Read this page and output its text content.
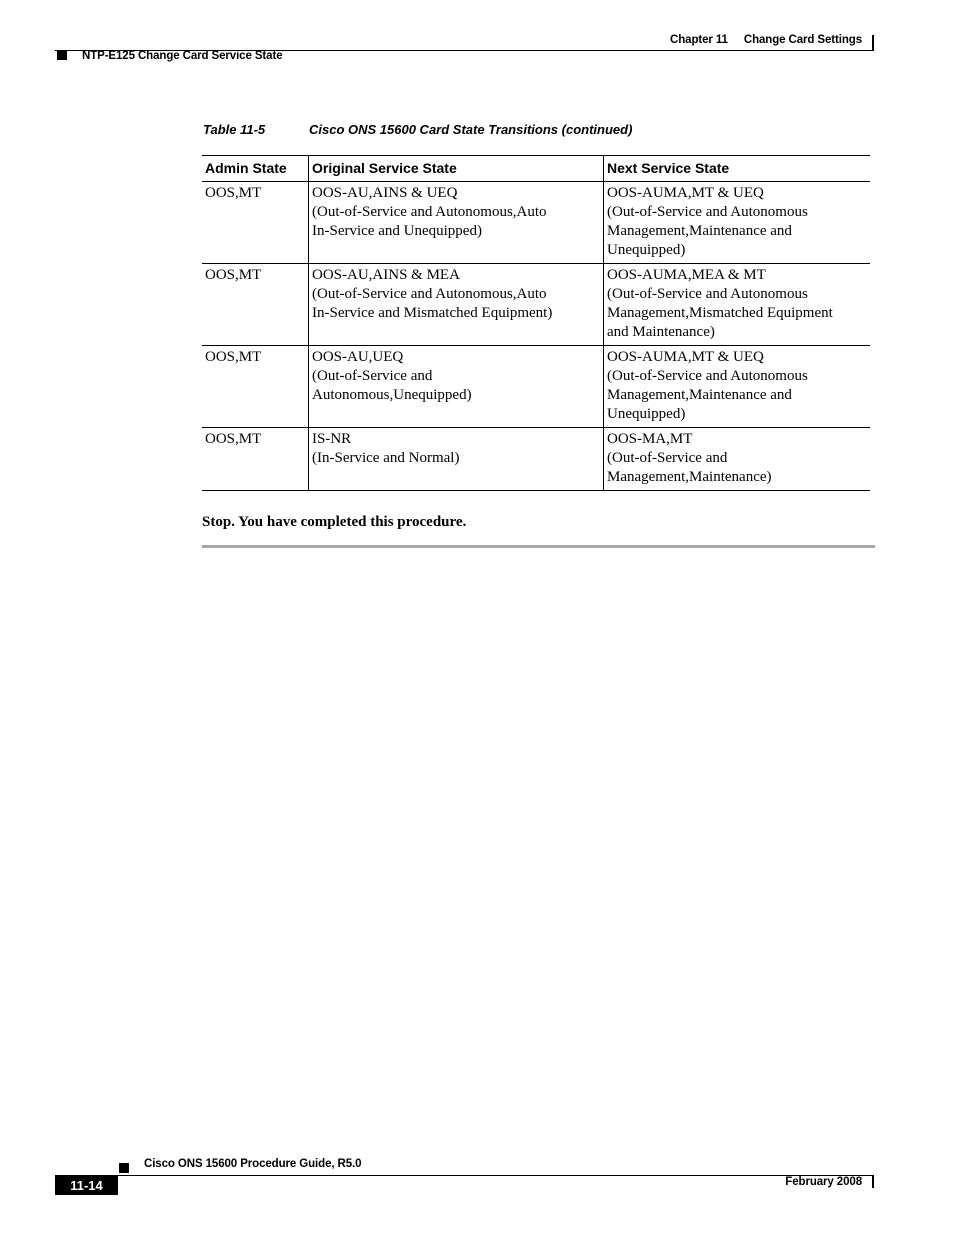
Chapter 11 Change Card Settings
NTP-E125 Change Card Service State
Table 11-5	Cisco ONS 15600 Card State Transitions (continued)
Admin State	Original Service State	Next Service State
OOS,MT	OOS-AU,AINS & UEQ
(Out-of-Service and Autonomous,Auto
In-Service and Unequipped)	OOS-AUMA,MT & UEQ
(Out-of-Service and Autonomous
Management,Maintenance and
Unequipped)

OOS,MT	OOS-AU,AINS & MEA
(Out-of-Service and Autonomous,Auto
In-Service and Mismatched Equipment)	OOS-AUMA,MEA & MT
(Out-of-Service and Autonomous
Management,Mismatched Equipment
and Maintenance)

OOS,MT	OOS-AU,UEQ
(Out-of-Service and
Autonomous,Unequipped)	OOS-AUMA,MT & UEQ
(Out-of-Service and Autonomous
Management,Maintenance and
Unequipped)

OOS,MT	IS-NR
(In-Service and Normal)	OOS-MA,MT
(Out-of-Service and
Management,Maintenance)
Stop. You have completed this procedure.
Cisco ONS 15600 Procedure Guide, R5.0
11-14	February 2008
